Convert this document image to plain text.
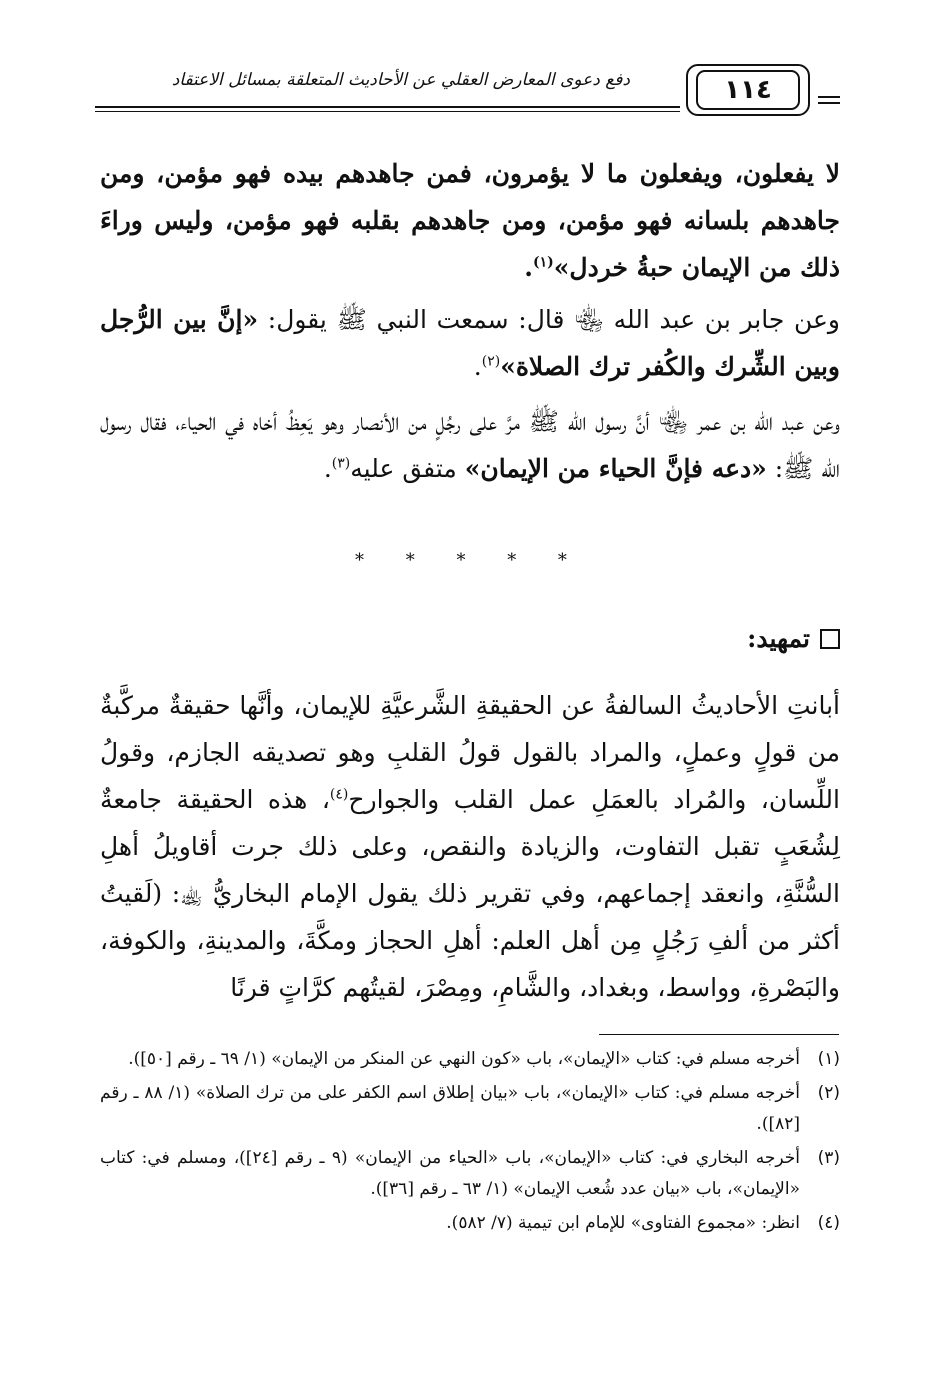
١١٤
دفع دعوى المعارض العقلي عن الأحاديث المتعلقة بمسائل الاعتقاد
لا يفعلون، ويفعلون ما لا يؤمرون، فمن جاهدهم بيده فهو مؤمن، ومن جاهدهم بلسانه فهو مؤمن، ومن جاهدهم بقلبه فهو مؤمن، وليس وراءَ ذلك من الإيمان حبةُ خردل»$^{(١)}$.
وعن جابر بن عبد الله ﵄ قال: سمعت النبي ﷺ يقول: «إنَّ بين الرُّجل وبين الشِّرك والكُفر ترك الصلاة»$^{(٢)}$.
وعن عبد الله بن عمر ﵄ أنَّ رسول الله ﷺ مرَّ على رجُلٍ من الأنصار وهو يَعِظُ أخاه في الحياء، فقال رسول الله ﷺ: «دعه فإنَّ الحياء من الإيمان» متفق عليه$^{(٣)}$.
* * * * *
تمهيد:
أبانتِ الأحاديثُ السالفةُ عن الحقيقةِ الشَّرعيَّةِ للإيمان، وأنَّها حقيقةٌ مركَّبةٌ من قولٍ وعملٍ، والمراد بالقول قولُ القلبِ وهو تصديقه الجازم، وقولُ اللِّسان، والمُراد بالعمَلِ عمل القلب والجوارح$^{(٤)}$، هذه الحقيقة جامعةٌ لِشُعَبٍ تقبل التفاوت، والزيادة والنقص، وعلى ذلك جرت أقاويلُ أهلِ السُّنَّةِ، وانعقد إجماعهم، وفي تقرير ذلك يقول الإمام البخاريُّ ﵀: (لَقيتُ أكثر من ألفِ رَجُلٍ مِن أهل العلم: أهلِ الحجاز ومكَّةَ، والمدينةِ، والكوفة، والبَصْرةِ، وواسط، وبغداد، والشَّامِ، ومِصْرَ، لقيتُهم كرَّاتٍ قرنًا
(١)
أخرجه مسلم في: كتاب «الإيمان»، باب «كون النهي عن المنكر من الإيمان» (١/ ٦٩ ـ رقم [٥٠]).
(٢)
أخرجه مسلم في: كتاب «الإيمان»، باب «بيان إطلاق اسم الكفر على من ترك الصلاة» (١/ ٨٨ ـ رقم [٨٢]).
(٣)
أخرجه البخاري في: كتاب «الإيمان»، باب «الحياء من الإيمان» (٩ ـ رقم [٢٤])، ومسلم في: كتاب «الإيمان»، باب «بيان عدد شُعب الإيمان» (١/ ٦٣ ـ رقم [٣٦]).
(٤)
انظر: «مجموع الفتاوى» للإمام ابن تيمية (٧/ ٥٨٢).
